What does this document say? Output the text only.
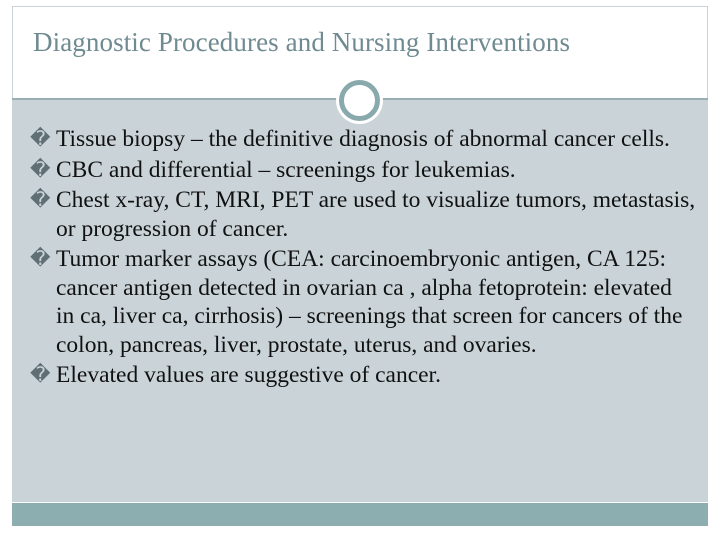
Diagnostic Procedures and Nursing Interventions
� Tissue biopsy – the definitive diagnosis of abnormal cancer cells.
� CBC and differential – screenings for leukemias.
� Chest x-ray, CT, MRI, PET are used to visualize tumors, metastasis, or progression of cancer.
� Tumor marker assays (CEA: carcinoembryonic antigen, CA 125: cancer antigen detected in ovarian ca , alpha fetoprotein: elevated in ca, liver ca, cirrhosis) – screenings that screen for cancers of the colon, pancreas, liver, prostate, uterus, and ovaries.
� Elevated values are suggestive of cancer.
